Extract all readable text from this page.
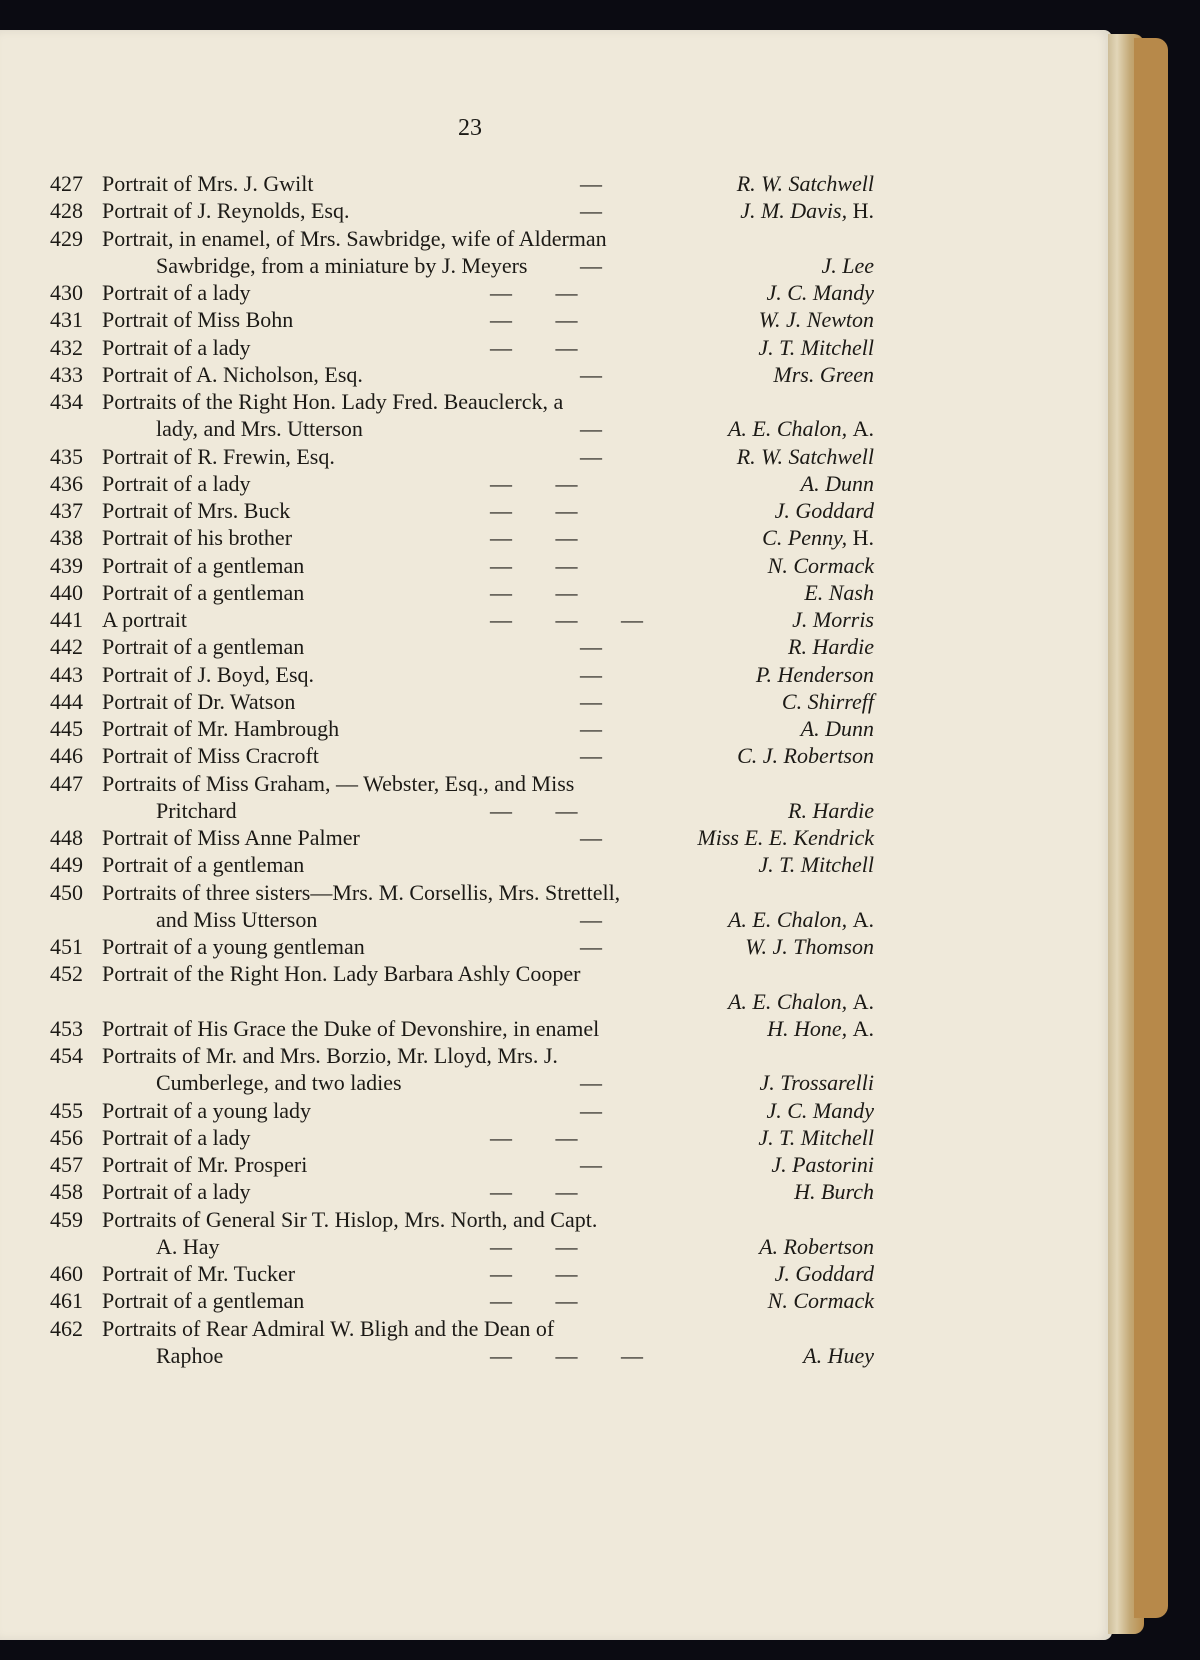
23
427 Portrait of Mrs. J. Gwilt	—	R. W. Satchwell
428 Portrait of J. Reynolds, Esq.	—	J. M. Davis, H.
429 Portrait, in enamel, of Mrs. Sawbridge, wife of Alderman
Sawbridge, from a miniature by J. Meyers —	J. Lee
430 Portrait of a lady	— —	J. C. Mandy
431 Portrait of Miss Bohn	— —	W. J. Newton
432 Portrait of a lady	— —	J. T. Mitchell
433 Portrait of A. Nicholson, Esq.	—	Mrs. Green
434 Portraits of the Right Hon. Lady Fred. Beauclerck, a
lady, and Mrs. Utterson	—	A. E. Chalon, A.
435 Portrait of R. Frewin, Esq.	—	R. W. Satchwell
436 Portrait of a lady	— —	A. Dunn
437 Portrait of Mrs. Buck	— —	J. Goddard
438 Portrait of his brother	— —	C. Penny, H.
439 Portrait of a gentleman	— —	N. Cormack
440 Portrait of a gentleman	— —	E. Nash
441 A portrait	— — —	J. Morris
442 Portrait of a gentleman	—	R. Hardie
443 Portrait of J. Boyd, Esq.	—	P. Henderson
444 Portrait of Dr. Watson	—	C. Shirreff
445 Portrait of Mr. Hambrough	—	A. Dunn
446 Portrait of Miss Cracroft	—	C. J. Robertson
447 Portraits of Miss Graham, — Webster, Esq., and Miss
Pritchard	— —	R. Hardie
448 Portrait of Miss Anne Palmer	—	Miss E. E. Kendrick
449 Portrait of a gentleman	J. T. Mitchell
450 Portraits of three sisters—Mrs. M. Corsellis, Mrs. Strettell,
and Miss Utterson	—	A. E. Chalon, A.
451 Portrait of a young gentleman	—	W. J. Thomson
452 Portrait of the Right Hon. Lady Barbara Ashly Cooper
A. E. Chalon, A.
453 Portrait of His Grace the Duke of Devonshire, in enamel	H. Hone, A.
454 Portraits of Mr. and Mrs. Borzio, Mr. Lloyd, Mrs. J.
Cumberlege, and two ladies	—	J. Trossarelli
455 Portrait of a young lady	—	J. C. Mandy
456 Portrait of a lady	— —	J. T. Mitchell
457 Portrait of Mr. Prosperi	—	J. Pastorini
458 Portrait of a lady	— —	H. Burch
459 Portraits of General Sir T. Hislop, Mrs. North, and Capt.
A. Hay	— —	A. Robertson
460 Portrait of Mr. Tucker	— —	J. Goddard
461 Portrait of a gentleman	— —	N. Cormack
462 Portraits of Rear Admiral W. Bligh and the Dean of
Raphoe	— — —	A. Huey
